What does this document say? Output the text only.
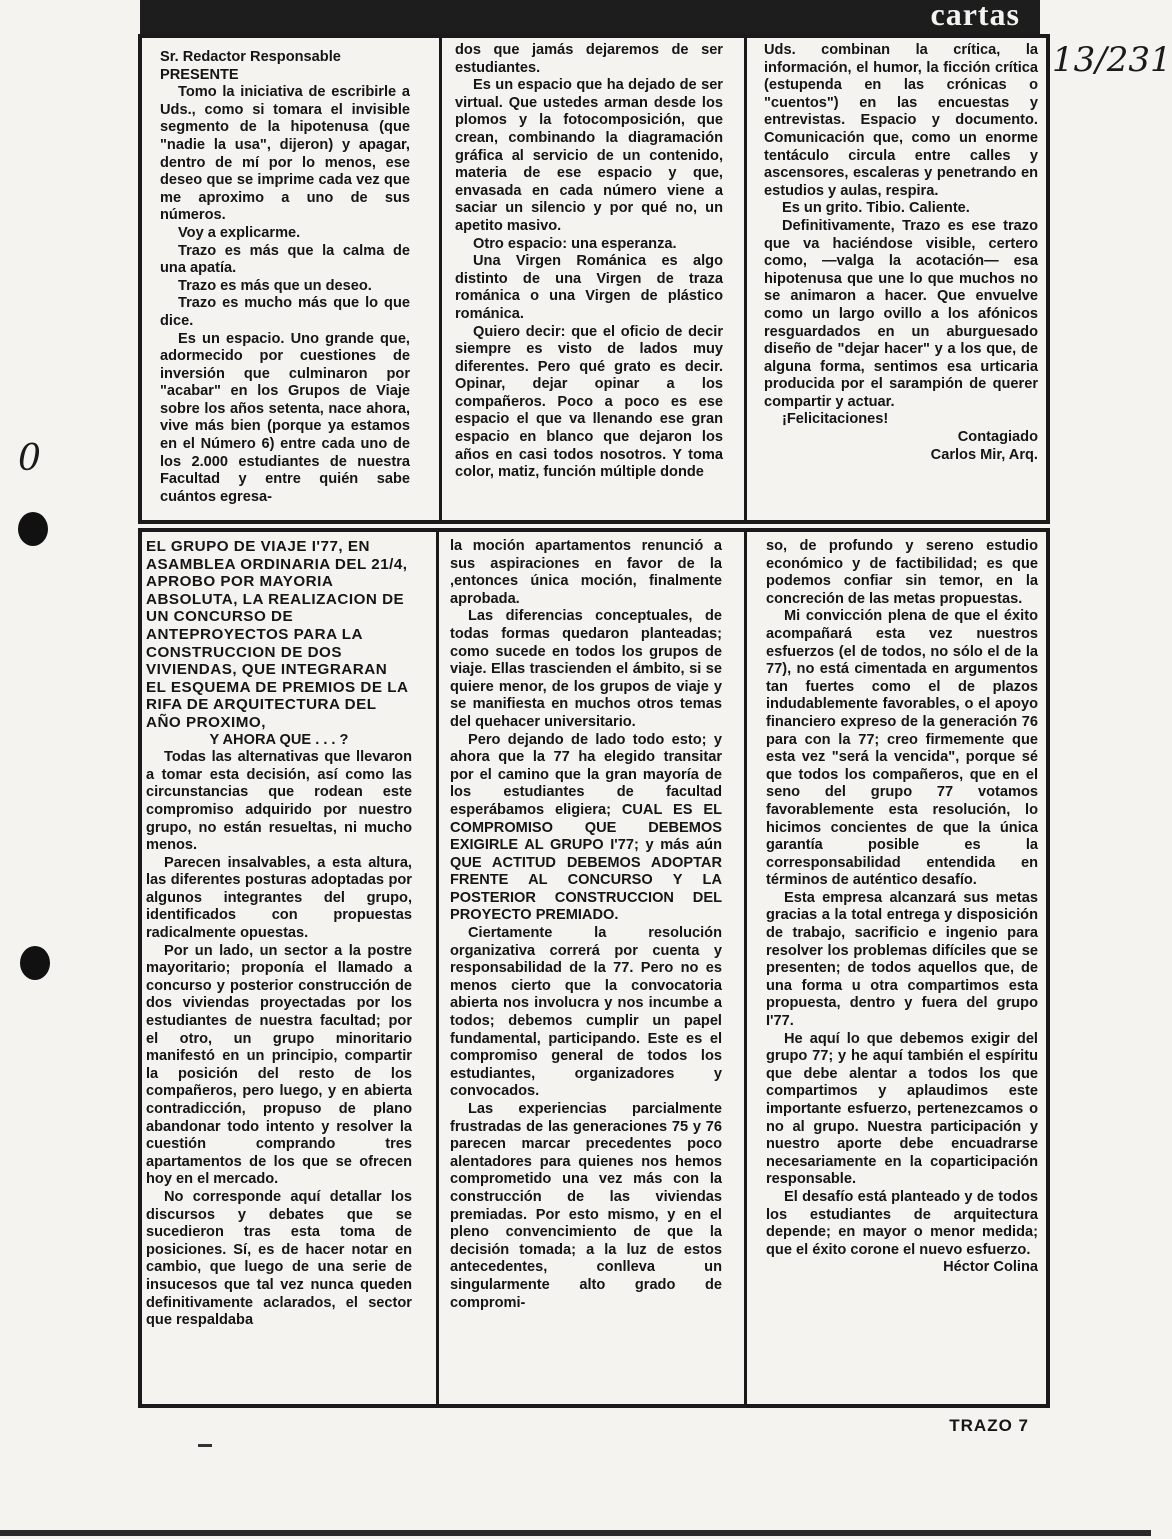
cartas
13/231
0

Sr. Redactor Responsable

PRESENTE

Tomo la iniciativa de escribirle a Uds., como si tomara el invisible segmento de la hipotenusa (que "nadie la usa", dijeron) y apagar, dentro de mí por lo menos, ese deseo que se imprime cada vez que me aproximo a uno de sus números.

Voy a explicarme.

Trazo es más que la calma de una apatía.

Trazo es más que un deseo.

Trazo es mucho más que lo que dice.

Es un espacio. Uno grande que, adormecido por cuestiones de inversión que culminaron por "acabar" en los Grupos de Viaje sobre los años setenta, nace ahora, vive más bien (porque ya estamos en el Número 6) entre cada uno de los 2.000 estudiantes de nuestra Facultad y entre quién sabe cuántos egresa-

dos que jamás dejaremos de ser estudiantes.

Es un espacio que ha dejado de ser virtual. Que ustedes arman desde los plomos y la fotocomposición, que crean, combinando la diagramación gráfica al servicio de un contenido, materia de ese espacio y que, envasada en cada número viene a saciar un silencio y por qué no, un apetito masivo.

Otro espacio: una esperanza.

Una Virgen Románica es algo distinto de una Virgen de traza románica o una Virgen de plástico románica.

Quiero decir: que el oficio de decir siempre es visto de lados muy diferentes. Pero qué grato es decir. Opinar, dejar opinar a los compañeros. Poco a poco es ese espacio el que va llenando ese gran espacio en blanco que dejaron los años en casi todos nosotros. Y toma color, matiz, función múltiple donde

Uds. combinan la crítica, la información, el humor, la ficción crítica (estupenda en las crónicas o "cuentos") en las encuestas y entrevistas. Espacio y documento. Comunicación que, como un enorme tentáculo circula entre calles y ascensores, escaleras y penetrando en estudios y aulas, respira.

Es un grito. Tibio. Caliente.

Definitivamente, Trazo es ese trazo que va haciéndose visible, certero como, —valga la acotación— esa hipotenusa que une lo que muchos no se animaron a hacer. Que envuelve como un largo ovillo a los afónicos resguardados en un aburguesado diseño de "dejar hacer" y a los que, de alguna forma, sentimos esa urticaria producida por el sarampión de querer compartir y actuar.

¡Felicitaciones!

Contagiado

Carlos Mir, Arq.

EL GRUPO DE VIAJE I'77, EN ASAMBLEA ORDINARIA DEL 21/4, APROBO POR MAYORIA ABSOLUTA, LA REALIZACION DE UN CONCURSO DE ANTEPROYECTOS PARA LA CONSTRUCCION DE DOS VIVIENDAS, QUE INTEGRARAN EL ESQUEMA DE PREMIOS DE LA RIFA DE ARQUITECTURA DEL AÑO PROXIMO,

Y AHORA QUE . . . ?

Todas las alternativas que llevaron a tomar esta decisión, así como las circunstancias que rodean este compromiso adquirido por nuestro grupo, no están resueltas, ni mucho menos.

Parecen insalvables, a esta altura, las diferentes posturas adoptadas por algunos integrantes del grupo, identificados con propuestas radicalmente opuestas.

Por un lado, un sector a la postre mayoritario; proponía el llamado a concurso y posterior construcción de dos viviendas proyectadas por los estudiantes de nuestra facultad; por el otro, un grupo minoritario manifestó en un principio, compartir la posición del resto de los compañeros, pero luego, y en abierta contradicción, propuso de plano abandonar todo intento y resolver la cuestión comprando tres apartamentos de los que se ofrecen hoy en el mercado.

No corresponde aquí detallar los discursos y debates que se sucedieron tras esta toma de posiciones. Sí, es de hacer notar en cambio, que luego de una serie de insucesos que tal vez nunca queden definitivamente aclarados, el sector que respaldaba

la moción apartamentos renunció a sus aspiraciones en favor de la ,entonces única moción, finalmente aprobada.

Las diferencias conceptuales, de todas formas quedaron planteadas; como sucede en todos los grupos de viaje. Ellas trascienden el ámbito, si se quiere menor, de los grupos de viaje y se manifiesta en muchos otros temas del quehacer universitario.

Pero dejando de lado todo esto; y ahora que la 77 ha elegido transitar por el camino que la gran mayoría de los estudiantes de facultad esperábamos eligiera; CUAL ES EL COMPROMISO QUE DEBEMOS EXIGIRLE AL GRUPO I'77; y más aún QUE ACTITUD DEBEMOS ADOPTAR FRENTE AL CONCURSO Y LA POSTERIOR CONSTRUCCION DEL PROYECTO PREMIADO.

Ciertamente la resolución organizativa correrá por cuenta y responsabilidad de la 77. Pero no es menos cierto que la convocatoria abierta nos involucra y nos incumbe a todos; debemos cumplir un papel fundamental, participando. Este es el compromiso general de todos los estudiantes, organizadores y convocados.

Las experiencias parcialmente frustradas de las generaciones 75 y 76 parecen marcar precedentes poco alentadores para quienes nos hemos comprometido una vez más con la construcción de las viviendas premiadas. Por esto mismo, y en el pleno convencimiento de que la decisión tomada; a la luz de estos antecedentes, conlleva un singularmente alto grado de compromi-

so, de profundo y sereno estudio económico y de factibilidad; es que podemos confiar sin temor, en la concreción de las metas propuestas.

Mi convicción plena de que el éxito acompañará esta vez nuestros esfuerzos (el de todos, no sólo el de la 77), no está cimentada en argumentos tan fuertes como el de plazos indudablemente favorables, o el apoyo financiero expreso de la generación 76 para con la 77; creo firmemente que esta vez "será la vencida", porque sé que todos los compañeros, que en el seno del grupo 77 votamos favorablemente esta resolución, lo hicimos concientes de que la única garantía posible es la corresponsabilidad entendida en términos de auténtico desafío.

Esta empresa alcanzará sus metas gracias a la total entrega y disposición de trabajo, sacrificio e ingenio para resolver los problemas difíciles que se presenten; de todos aquellos que, de una forma u otra compartimos esta propuesta, dentro y fuera del grupo I'77.

He aquí lo que debemos exigir del grupo 77; y he aquí también el espíritu que debe alentar a todos los que compartimos y aplaudimos este importante esfuerzo, pertenezcamos o no al grupo. Nuestra participación y nuestro aporte debe encuadrarse necesariamente en la coparticipación responsable.

El desafío está planteado y de todos los estudiantes de arquitectura depende; en mayor o menor medida; que el éxito corone el nuevo esfuerzo.

Héctor Colina

TRAZO 7
